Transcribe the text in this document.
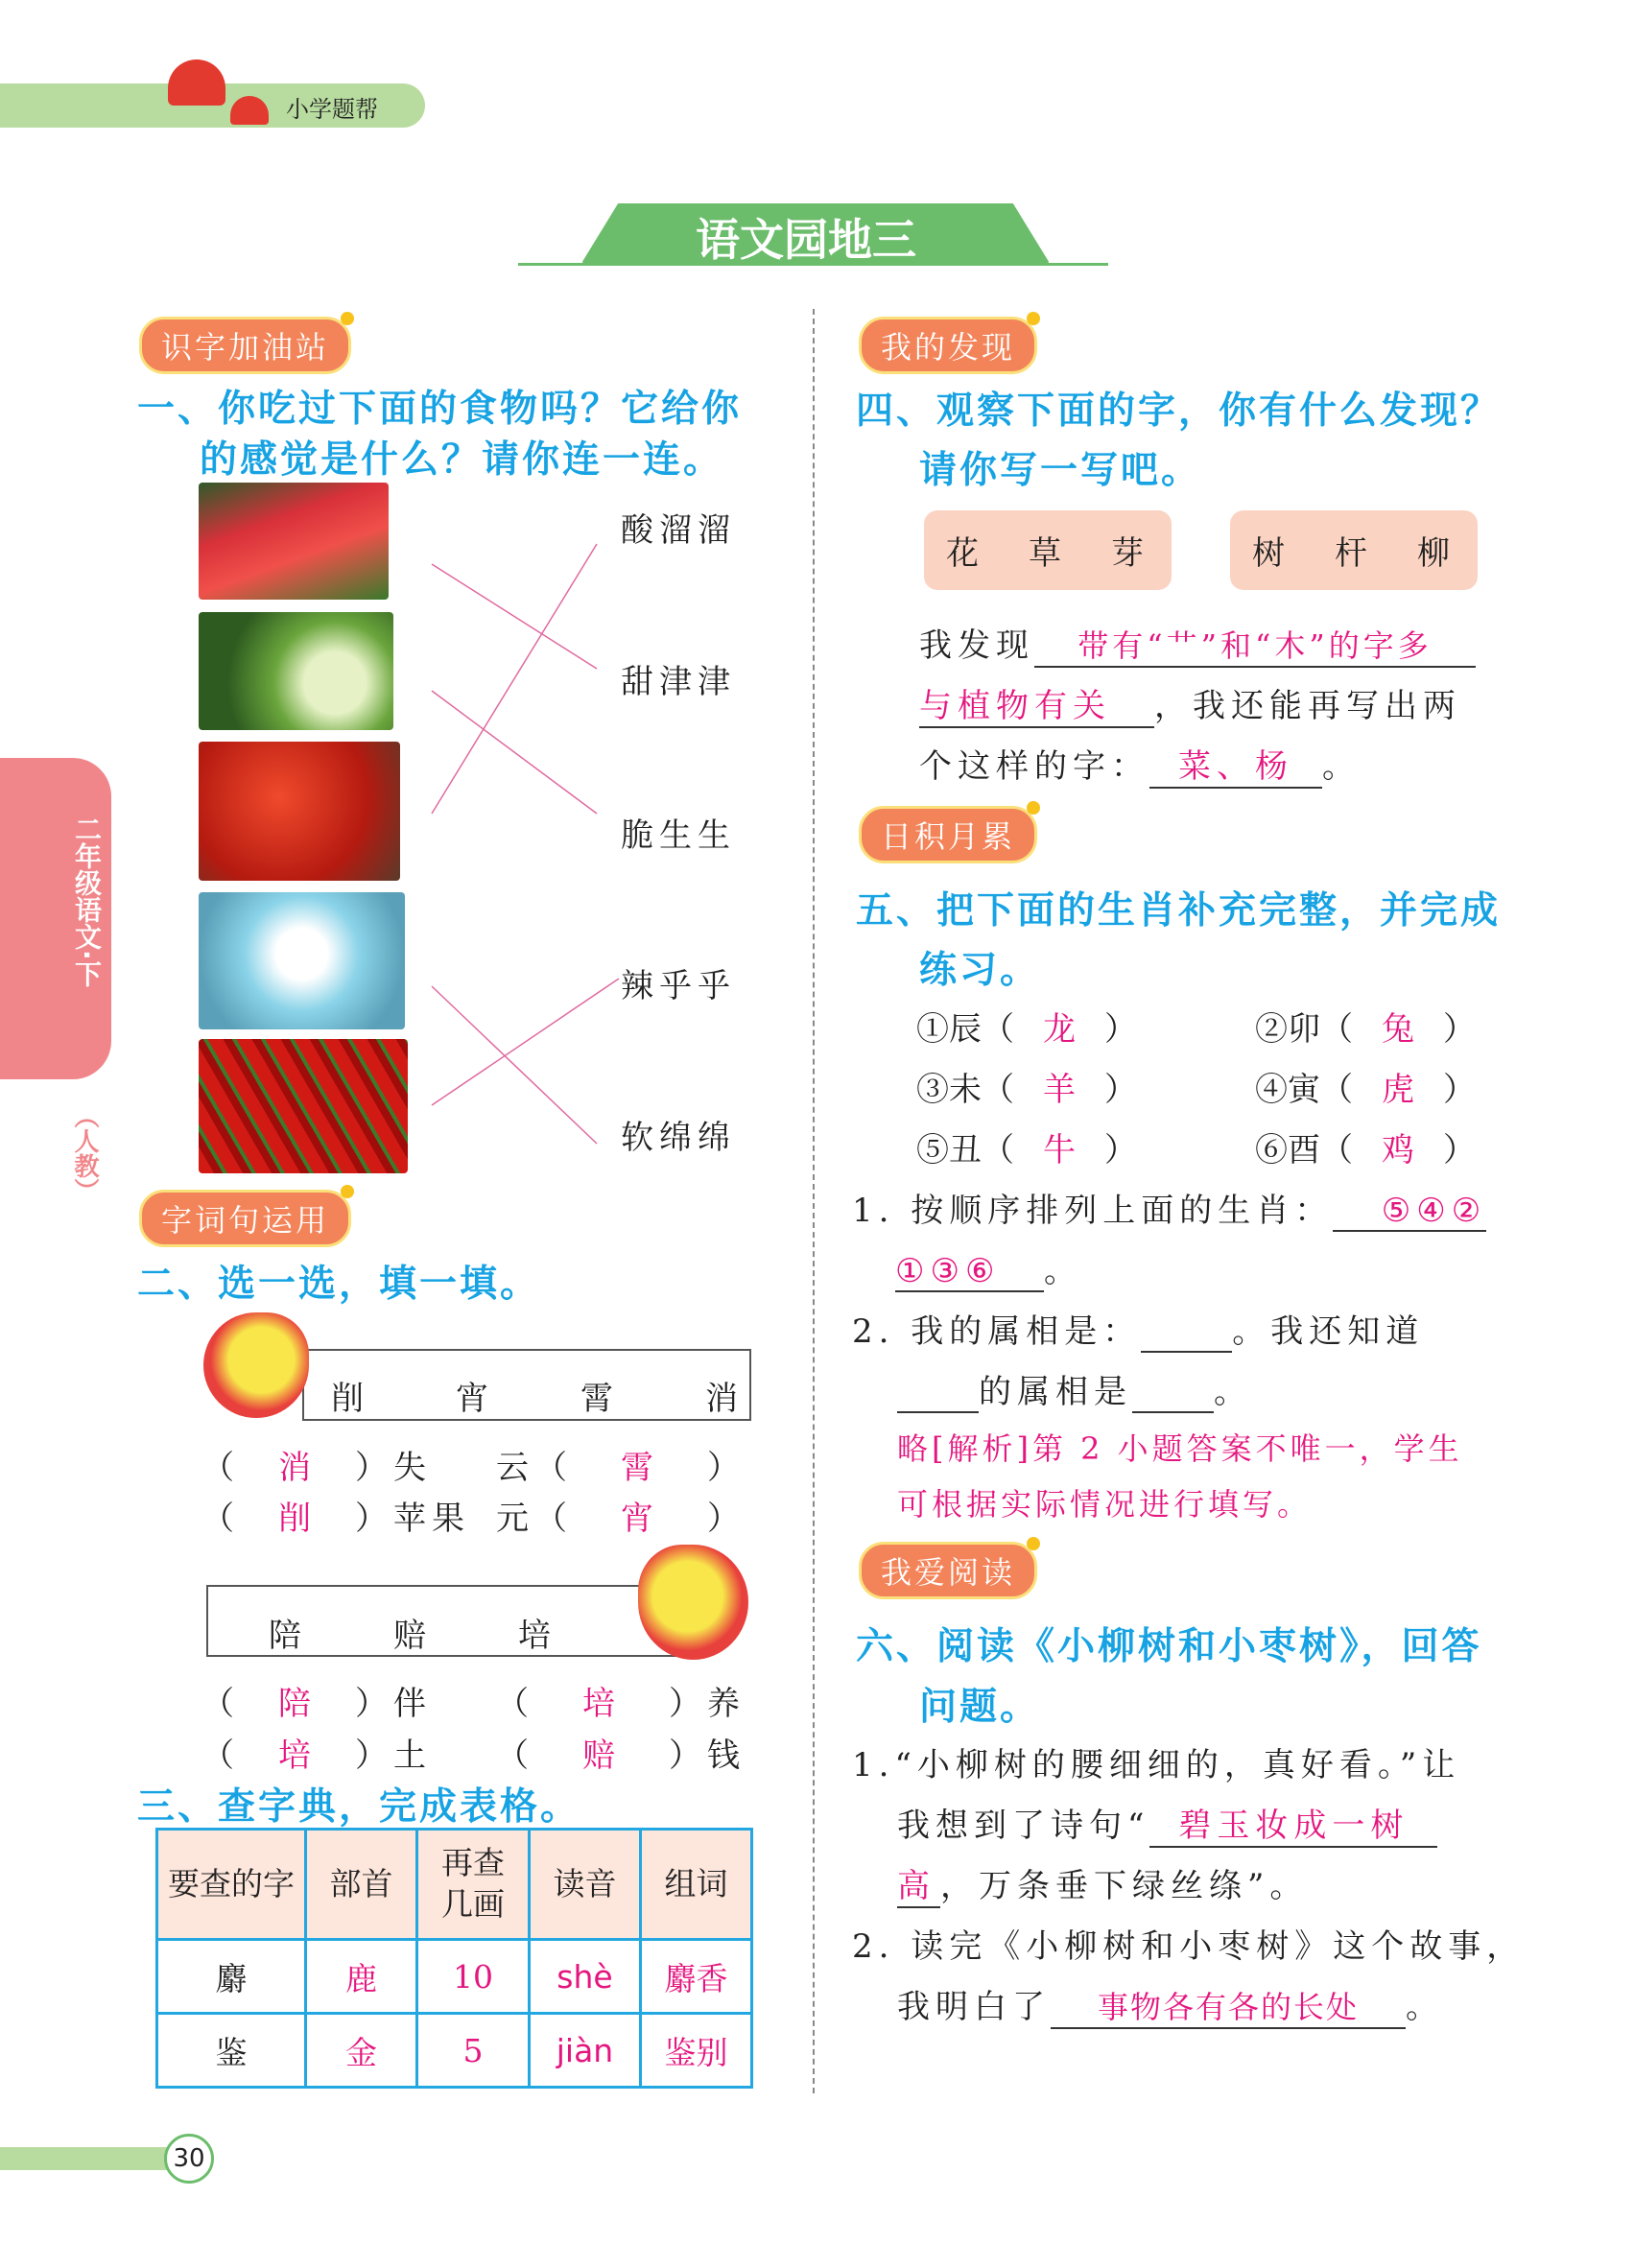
小学题帮
语文园地三
二年级语文·下
（人教）
识字加油站
一、你吃过下面的食物吗？它给你
的感觉是什么？请你连一连。
酸溜溜
甜津津
脆生生
辣乎乎
软绵绵
字词句运用
二、选一选，填一填。
削	宵	霄	消
（ 消 ）失 云（ 霄 ）
（ 削 ）苹果 元（ 宵 ）
陪	赔	培
（ 陪 ）伴 （ 培 ）养
（ 培 ）土 （ 赔 ）钱
三、查字典，完成表格。
要查的字	部首	再查几画	读音	组词
麝	鹿	10	shè	麝香
鉴	金	5	jiàn	鉴别
30
我的发现
四、观察下面的字，你有什么发现？
请你写一写吧。
花 草 芽	树 杆 柳
我发现 带有“艹”和“木”的字多
与植物有关 ，我还能再写出两
个这样的字： 菜、杨 。
日积月累
五、把下面的生肖补充完整，并完成
练习。
①辰（ 龙 ）	②卯（ 兔 ）
③未（ 羊 ）	④寅（ 虎 ）
⑤丑（ 牛 ）	⑥酉（ 鸡 ）
1. 按顺序排列上面的生肖： ⑤④②
①③⑥ 。
2. 我的属相是：	。我还知道
的属相是	。
略[解析]第 2 小题答案不唯一，学生
可根据实际情况进行填写。
我爱阅读
六、阅读《小柳树和小枣树》，回答
问题。
1.“小柳树的腰细细的，真好看。”让
我想到了诗句“ 碧玉妆成一树
高 ，万条垂下绿丝绦”。
2. 读完《小柳树和小枣树》这个故事，
我明白了 事物各有各的长处 。
